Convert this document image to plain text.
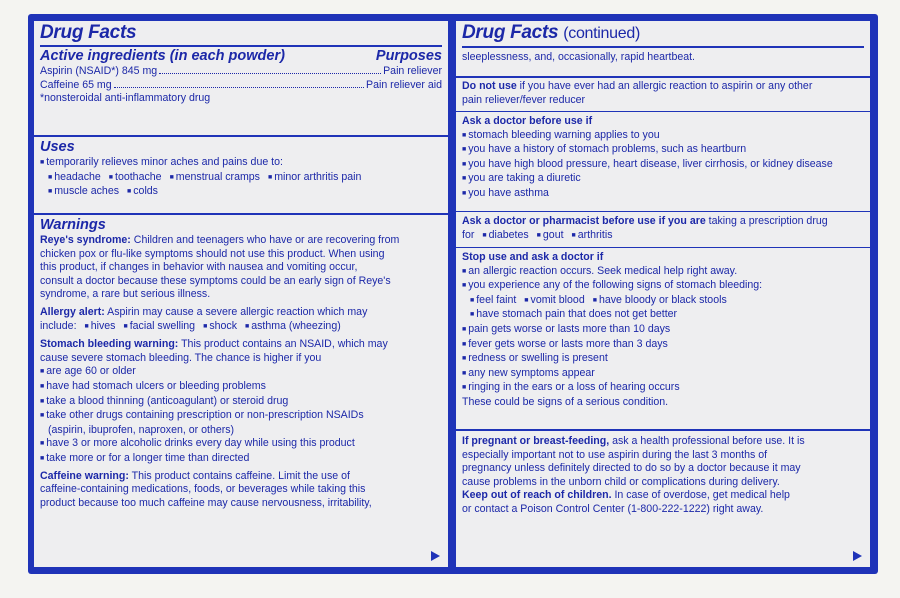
Drug Facts
Active ingredients (in each powder)	Purposes
Aspirin (NSAID*) 845 mg	Pain reliever
Caffeine 65 mg	Pain reliever aid
*nonsteroidal anti-inflammatory drug
Uses
■ temporarily relieves minor aches and pains due to:
■ headache ■ toothache ■ menstrual cramps ■ minor arthritis pain
■ muscle aches ■ colds
Warnings
Reye's syndrome: Children and teenagers who have or are recovering from
chicken pox or flu-like symptoms should not use this product. When using
this product, if changes in behavior with nausea and vomiting occur,
consult a doctor because these symptoms could be an early sign of Reye's
syndrome, a rare but serious illness.
Allergy alert: Aspirin may cause a severe allergic reaction which may
include: ■ hives ■ facial swelling ■ shock ■ asthma (wheezing)
Stomach bleeding warning: This product contains an NSAID, which may
cause severe stomach bleeding. The chance is higher if you
■ are age 60 or older
■ have had stomach ulcers or bleeding problems
■ take a blood thinning (anticoagulant) or steroid drug
■ take other drugs containing prescription or non-prescription NSAIDs
(aspirin, ibuprofen, naproxen, or others)
■ have 3 or more alcoholic drinks every day while using this product
■ take more or for a longer time than directed
Caffeine warning: This product contains caffeine. Limit the use of
caffeine-containing medications, foods, or beverages while taking this
product because too much caffeine may cause nervousness, irritability,
Drug Facts (continued)
sleeplessness, and, occasionally, rapid heartbeat.
Do not use if you have ever had an allergic reaction to aspirin or any other
pain reliever/fever reducer
Ask a doctor before use if
■ stomach bleeding warning applies to you
■ you have a history of stomach problems, such as heartburn
■ you have high blood pressure, heart disease, liver cirrhosis, or kidney disease
■ you are taking a diuretic
■ you have asthma
Ask a doctor or pharmacist before use if you are taking a prescription drug
for ■ diabetes ■ gout ■ arthritis
Stop use and ask a doctor if
■ an allergic reaction occurs. Seek medical help right away.
■ you experience any of the following signs of stomach bleeding:
■ feel faint ■ vomit blood ■ have bloody or black stools
■ have stomach pain that does not get better
■ pain gets worse or lasts more than 10 days
■ fever gets worse or lasts more than 3 days
■ redness or swelling is present
■ any new symptoms appear
■ ringing in the ears or a loss of hearing occurs
These could be signs of a serious condition.
If pregnant or breast-feeding, ask a health professional before use. It is
especially important not to use aspirin during the last 3 months of
pregnancy unless definitely directed to do so by a doctor because it may
cause problems in the unborn child or complications during delivery.
Keep out of reach of children. In case of overdose, get medical help
or contact a Poison Control Center (1-800-222-1222) right away.
